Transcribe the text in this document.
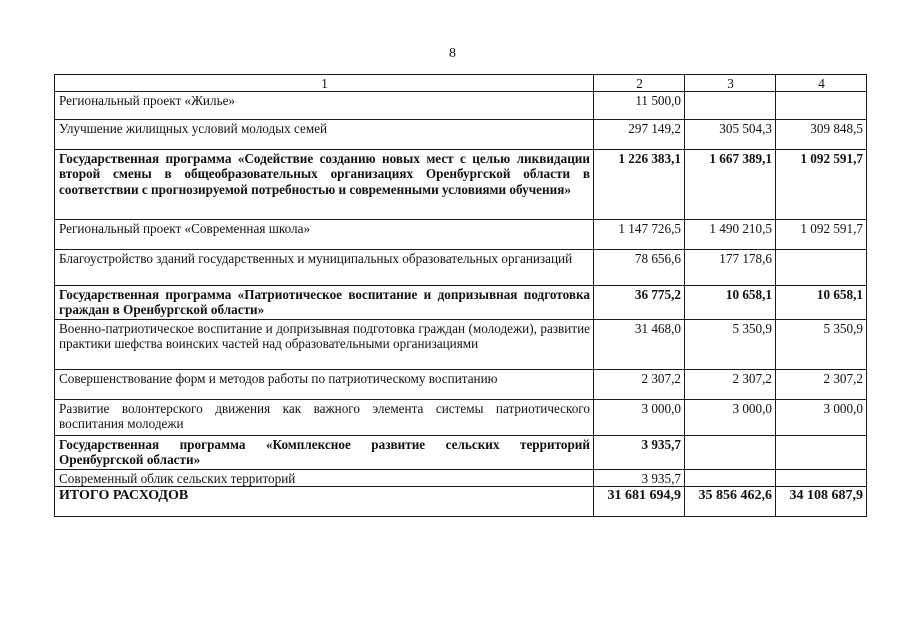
8
1	2	3	4
Региональный проект «Жилье»	11 500,0		
Улучшение жилищных условий молодых семей	297 149,2	305 504,3	309 848,5
Государственная программа «Содействие созданию новых мест с целью ликвидации второй смены в общеобразовательных организациях Оренбургской области в соответствии с прогнозируемой потребностью и современными условиями обучения»	1 226 383,1	1 667 389,1	1 092 591,7
Региональный проект «Современная школа»	1 147 726,5	1 490 210,5	1 092 591,7
Благоустройство зданий государственных и муниципальных образовательных организаций	78 656,6	177 178,6	
Государственная программа «Патриотическое воспитание и допризывная подготовка граждан в Оренбургской области»	36 775,2	10 658,1	10 658,1
Военно-патриотическое воспитание и допризывная подготовка граждан (молодежи), развитие практики шефства воинских частей над образовательными организациями	31 468,0	5 350,9	5 350,9
Совершенствование форм и методов работы по патриотическому воспитанию	2 307,2	2 307,2	2 307,2
Развитие волонтерского движения как важного элемента системы патриотического воспитания молодежи	3 000,0	3 000,0	3 000,0
Государственная программа «Комплексное развитие сельских территорий Оренбургской области»	3 935,7		
Современный облик сельских территорий	3 935,7		
ИТОГО РАСХОДОВ	31 681 694,9	35 856 462,6	34 108 687,9
